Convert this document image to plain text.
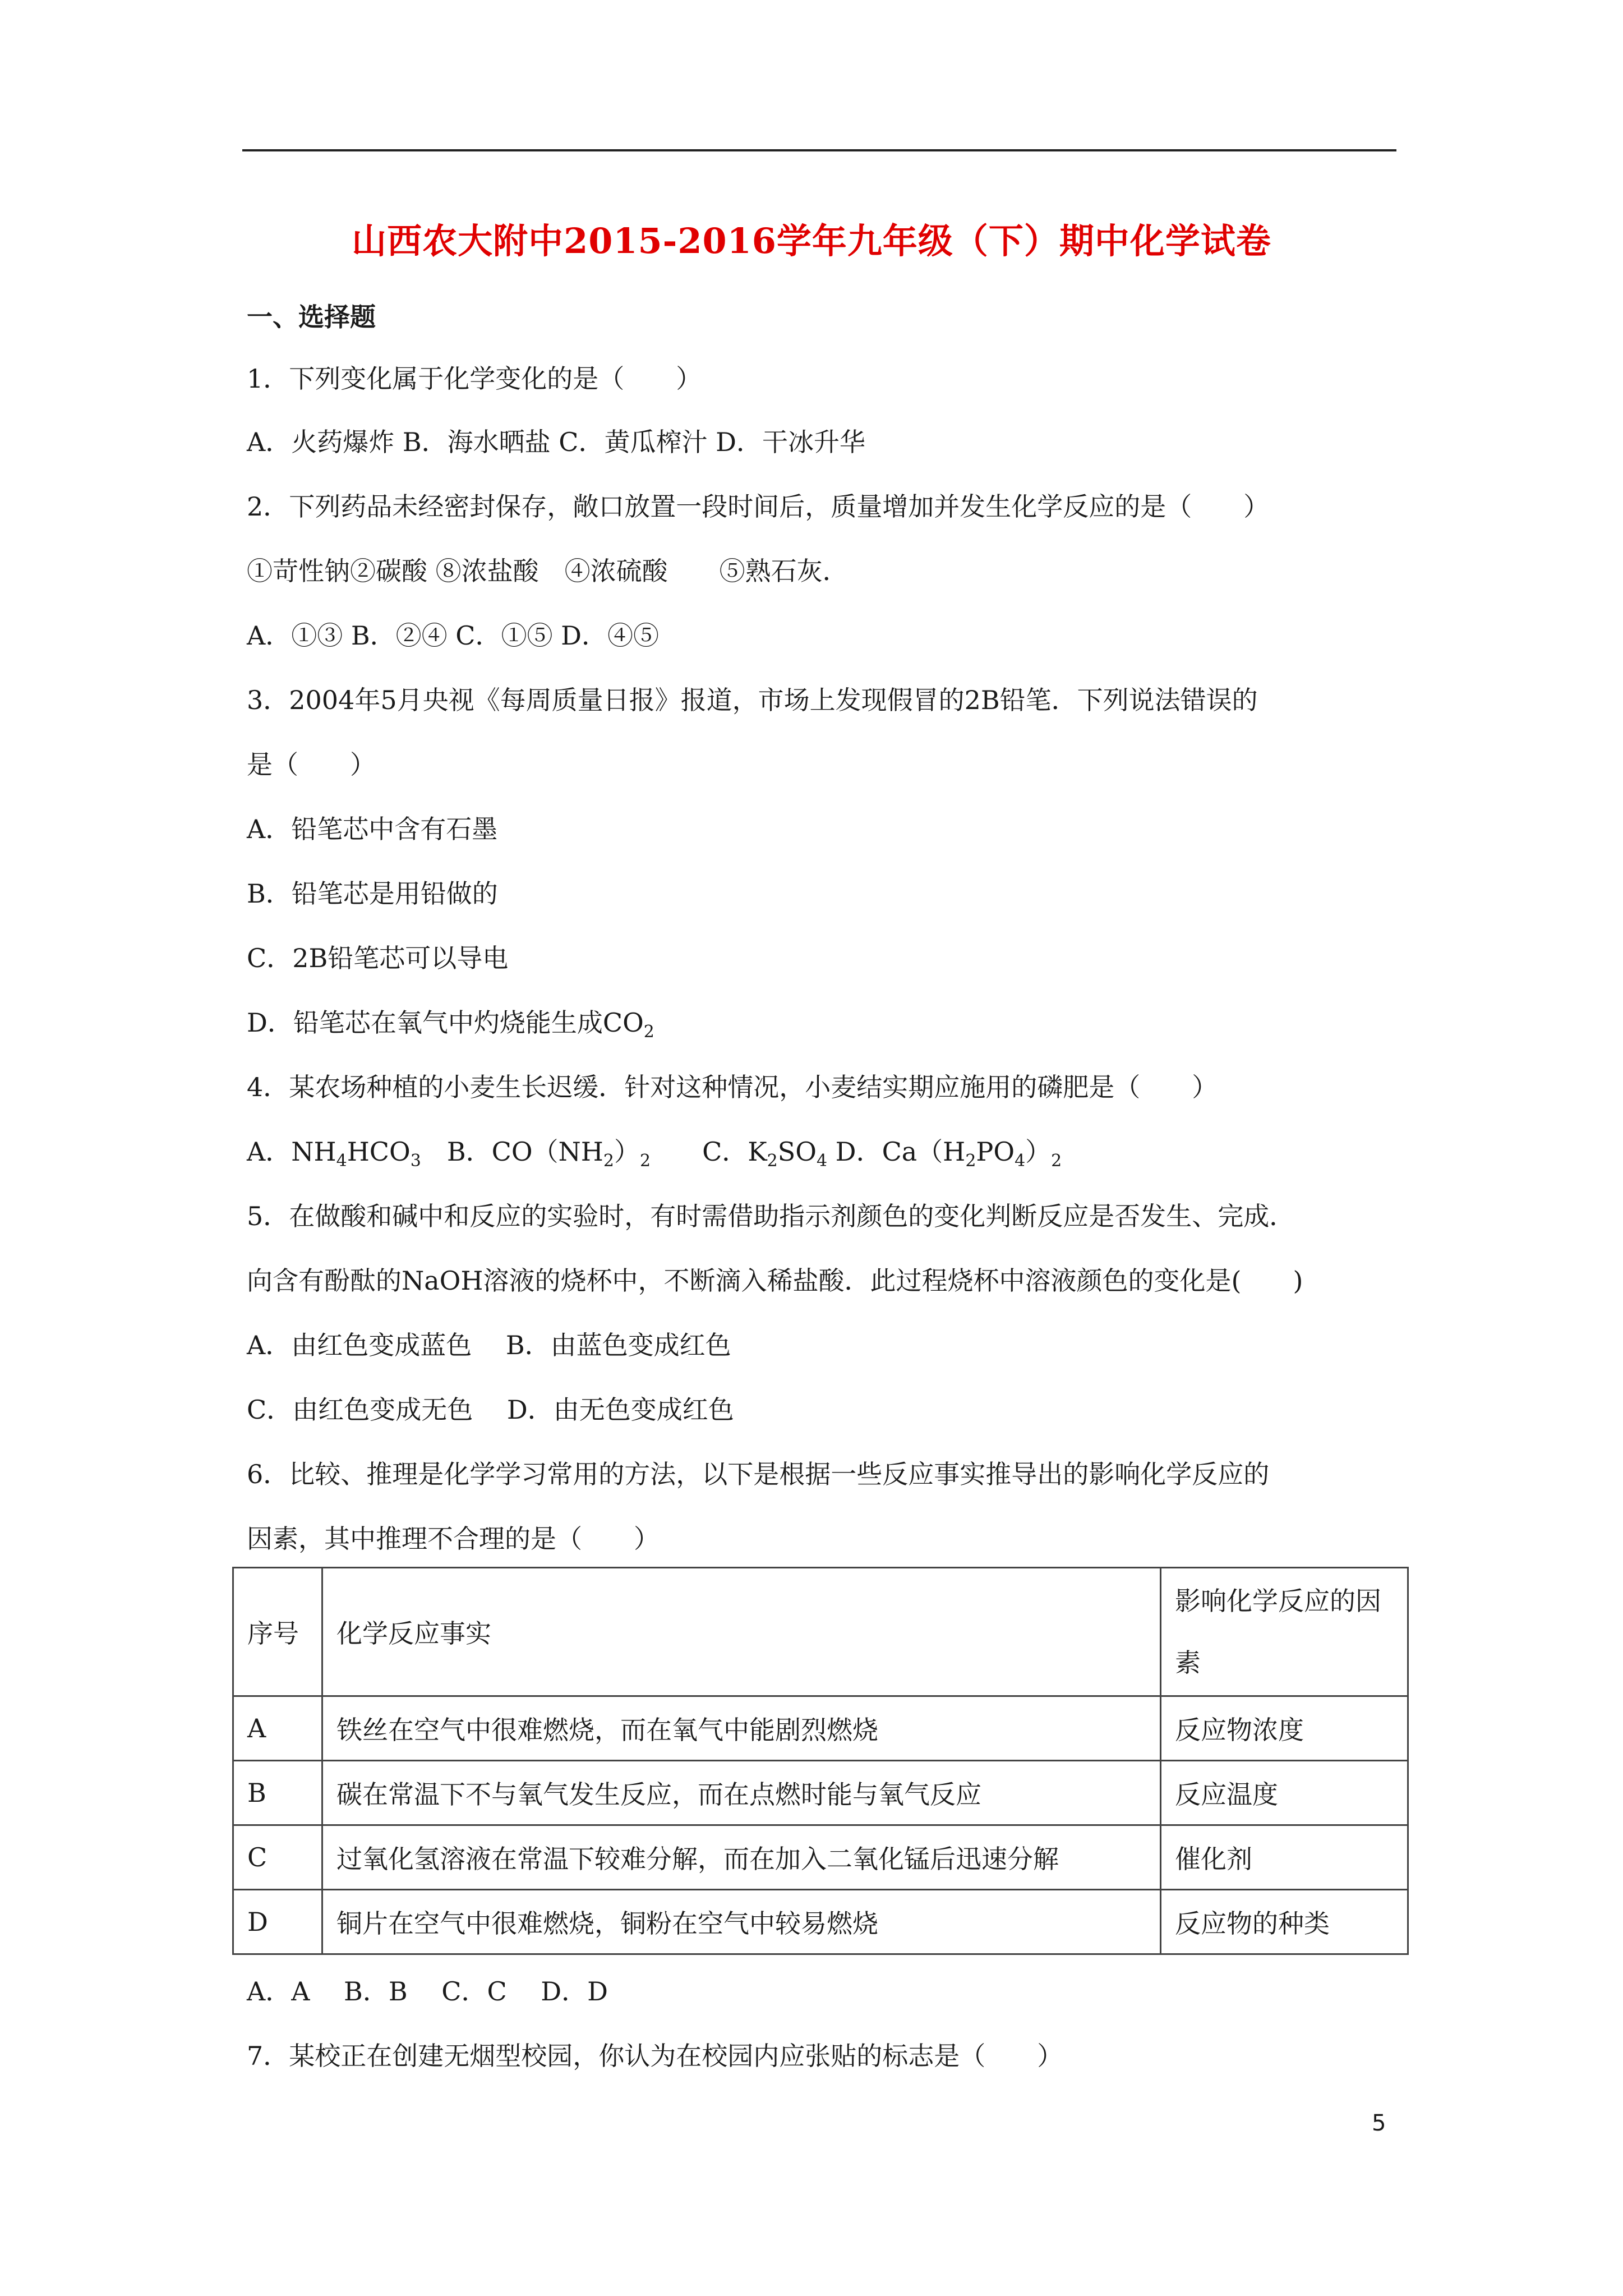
山西农大附中2015-2016学年九年级（下）期中化学试卷
一、选择题
1．下列变化属于化学变化的是（　　）
A．火药爆炸 B．海水晒盐 C．黄瓜榨汁 D．干冰升华
2．下列药品未经密封保存，敞口放置一段时间后，质量增加并发生化学反应的是（　　）
①苛性钠②碳酸 ⑧浓盐酸　④浓硫酸　　⑤熟石灰．
A．①③ B．②④ C．①⑤ D．④⑤
3．2004年5月央视《每周质量日报》报道，市场上发现假冒的2B铅笔．下列说法错误的
是（　　）
A．铅笔芯中含有石墨
B．铅笔芯是用铅做的
C．2B铅笔芯可以导电
D．铅笔芯在氧气中灼烧能生成$CO_2$
4．某农场种植的小麦生长迟缓．针对这种情况，小麦结实期应施用的磷肥是（　　）
A．$NH_4HCO_3$　B．$CO(NH_2)_2$　　C．$K_2SO_4$ D．$Ca(H_2PO_4)_2$
5．在做酸和碱中和反应的实验时，有时需借助指示剂颜色的变化判断反应是否发生、完成．
向含有酚酞的NaOH溶液的烧杯中，不断滴入稀盐酸．此过程烧杯中溶液颜色的变化是(　　)
A．由红色变成蓝色　 B．由蓝色变成红色
C．由红色变成无色　 D．由无色变成红色
6．比较、推理是化学学习常用的方法，以下是根据一些反应事实推导出的影响化学反应的
因素，其中推理不合理的是（　　）
序号	化学反应事实	影响化学反应的因素

A	铁丝在空气中很难燃烧，而在氧气中能剧烈燃烧	反应物浓度
B	碳在常温下不与氧气发生反应，而在点燃时能与氧气反应	反应温度
C	过氧化氢溶液在常温下较难分解，而在加入二氧化锰后迅速分解	催化剂
D	铜片在空气中很难燃烧，铜粉在空气中较易燃烧	反应物的种类
A．A　 B．B　 C．C　 D．D
7．某校正在创建无烟型校园，你认为在校园内应张贴的标志是（　　）
5
